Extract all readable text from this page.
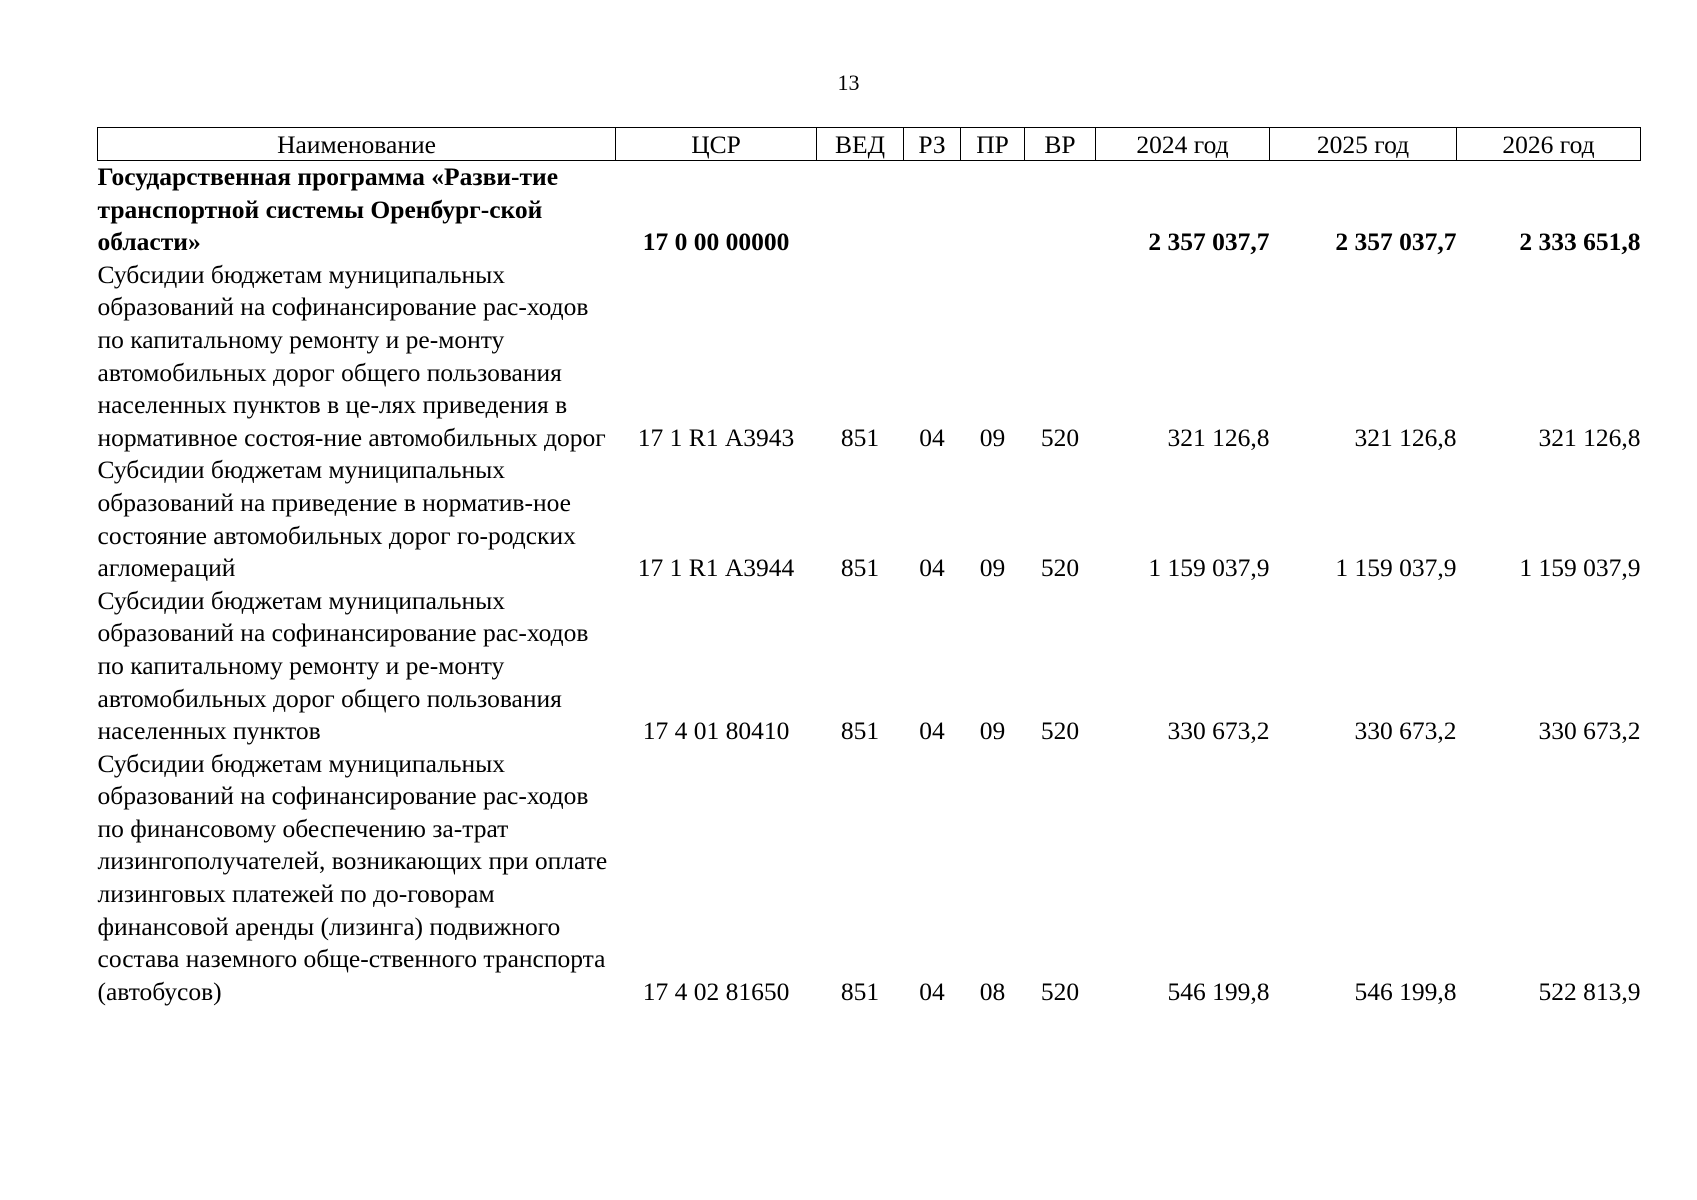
13
Наименование	ЦСР	ВЕД	РЗ	ПР	ВР	2024 год	2025 год	2026 год
Государственная программа «Разви-тие транспортной системы Оренбург-ской области»	17 0 00 00000					2 357 037,7	2 357 037,7	2 333 651,8
Субсидии бюджетам муниципальных образований на софинансирование рас-ходов по капитальному ремонту и ре-монту автомобильных дорог общего пользования населенных пунктов в це-лях приведения в нормативное состоя-ние автомобильных дорог	17 1 R1 А3943	851	04	09	520	321 126,8	321 126,8	321 126,8
Субсидии бюджетам муниципальных образований на приведение в норматив-ное состояние автомобильных дорог го-родских агломераций	17 1 R1 А3944	851	04	09	520	1 159 037,9	1 159 037,9	1 159 037,9
Субсидии бюджетам муниципальных образований на софинансирование рас-ходов по капитальному ремонту и ре-монту автомобильных дорог общего пользования населенных пунктов	17 4 01 80410	851	04	09	520	330 673,2	330 673,2	330 673,2
Субсидии бюджетам муниципальных образований на софинансирование рас-ходов по финансовому обеспечению за-трат лизингополучателей, возникающих при оплате лизинговых платежей по до-говорам финансовой аренды (лизинга) подвижного состава наземного обще-ственного транспорта (автобусов)	17 4 02 81650	851	04	08	520	546 199,8	546 199,8	522 813,9
